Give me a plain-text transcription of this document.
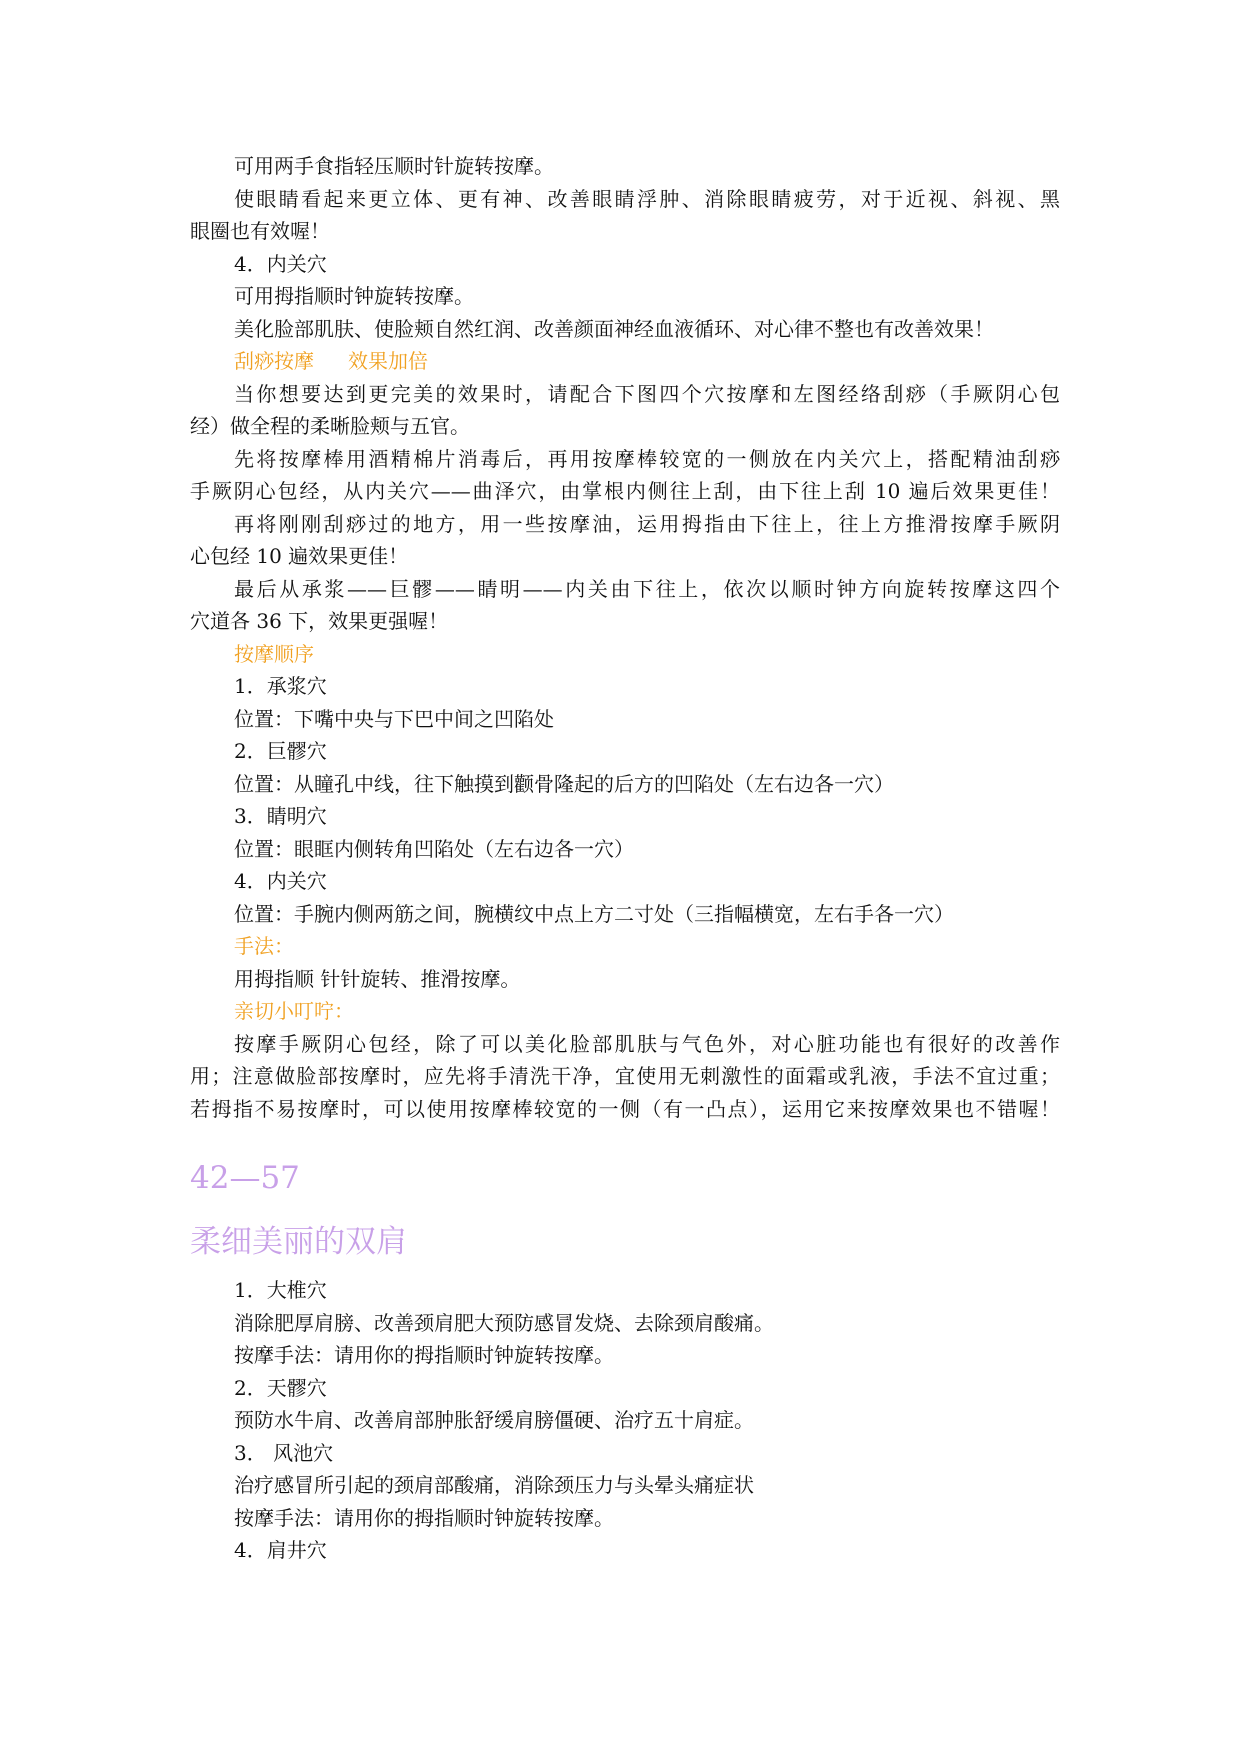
可用两手食指轻压顺时针旋转按摩。
使眼睛看起来更立体、更有神、改善眼睛浮肿、消除眼睛疲劳，对于近视、斜视、黑
眼圈也有效喔！
4．内关穴
可用拇指顺时钟旋转按摩。
美化脸部肌肤、使脸颊自然红润、改善颜面神经血液循环、对心律不整也有改善效果！
刮痧按摩 效果加倍
当你想要达到更完美的效果时，请配合下图四个穴按摩和左图经络刮痧（手厥阴心包
经）做全程的柔晰脸颊与五官。
先将按摩棒用酒精棉片消毒后，再用按摩棒较宽的一侧放在内关穴上，搭配精油刮痧
手厥阴心包经，从内关穴——曲泽穴，由掌根内侧往上刮，由下往上刮 10 遍后效果更佳！
再将刚刚刮痧过的地方，用一些按摩油，运用拇指由下往上，往上方推滑按摩手厥阴
心包经 10 遍效果更佳！
最后从承浆——巨髎——睛明——内关由下往上，依次以顺时钟方向旋转按摩这四个
穴道各 36 下，效果更强喔！
按摩顺序
1．承浆穴
位置：下嘴中央与下巴中间之凹陷处
2．巨髎穴
位置：从瞳孔中线，往下触摸到颧骨隆起的后方的凹陷处（左右边各一穴）
3．睛明穴
位置：眼眶内侧转角凹陷处（左右边各一穴）
4．内关穴
位置：手腕内侧两筋之间，腕横纹中点上方二寸处（三指幅横宽，左右手各一穴）
手法：
用拇指顺 针针旋转、推滑按摩。
亲切小叮咛：
按摩手厥阴心包经，除了可以美化脸部肌肤与气色外，对心脏功能也有很好的改善作
用；注意做脸部按摩时，应先将手清洗干净，宜使用无刺激性的面霜或乳液，手法不宜过重；
若拇指不易按摩时，可以使用按摩棒较宽的一侧（有一凸点），运用它来按摩效果也不错喔！
42—57
柔细美丽的双肩
1．大椎穴
消除肥厚肩膀、改善颈肩肥大预防感冒发烧、去除颈肩酸痛。
按摩手法：请用你的拇指顺时钟旋转按摩。
2．天髎穴
预防水牛肩、改善肩部肿胀舒缓肩膀僵硬、治疗五十肩症。
3． 风池穴
治疗感冒所引起的颈肩部酸痛，消除颈压力与头晕头痛症状
按摩手法：请用你的拇指顺时钟旋转按摩。
4．肩井穴
